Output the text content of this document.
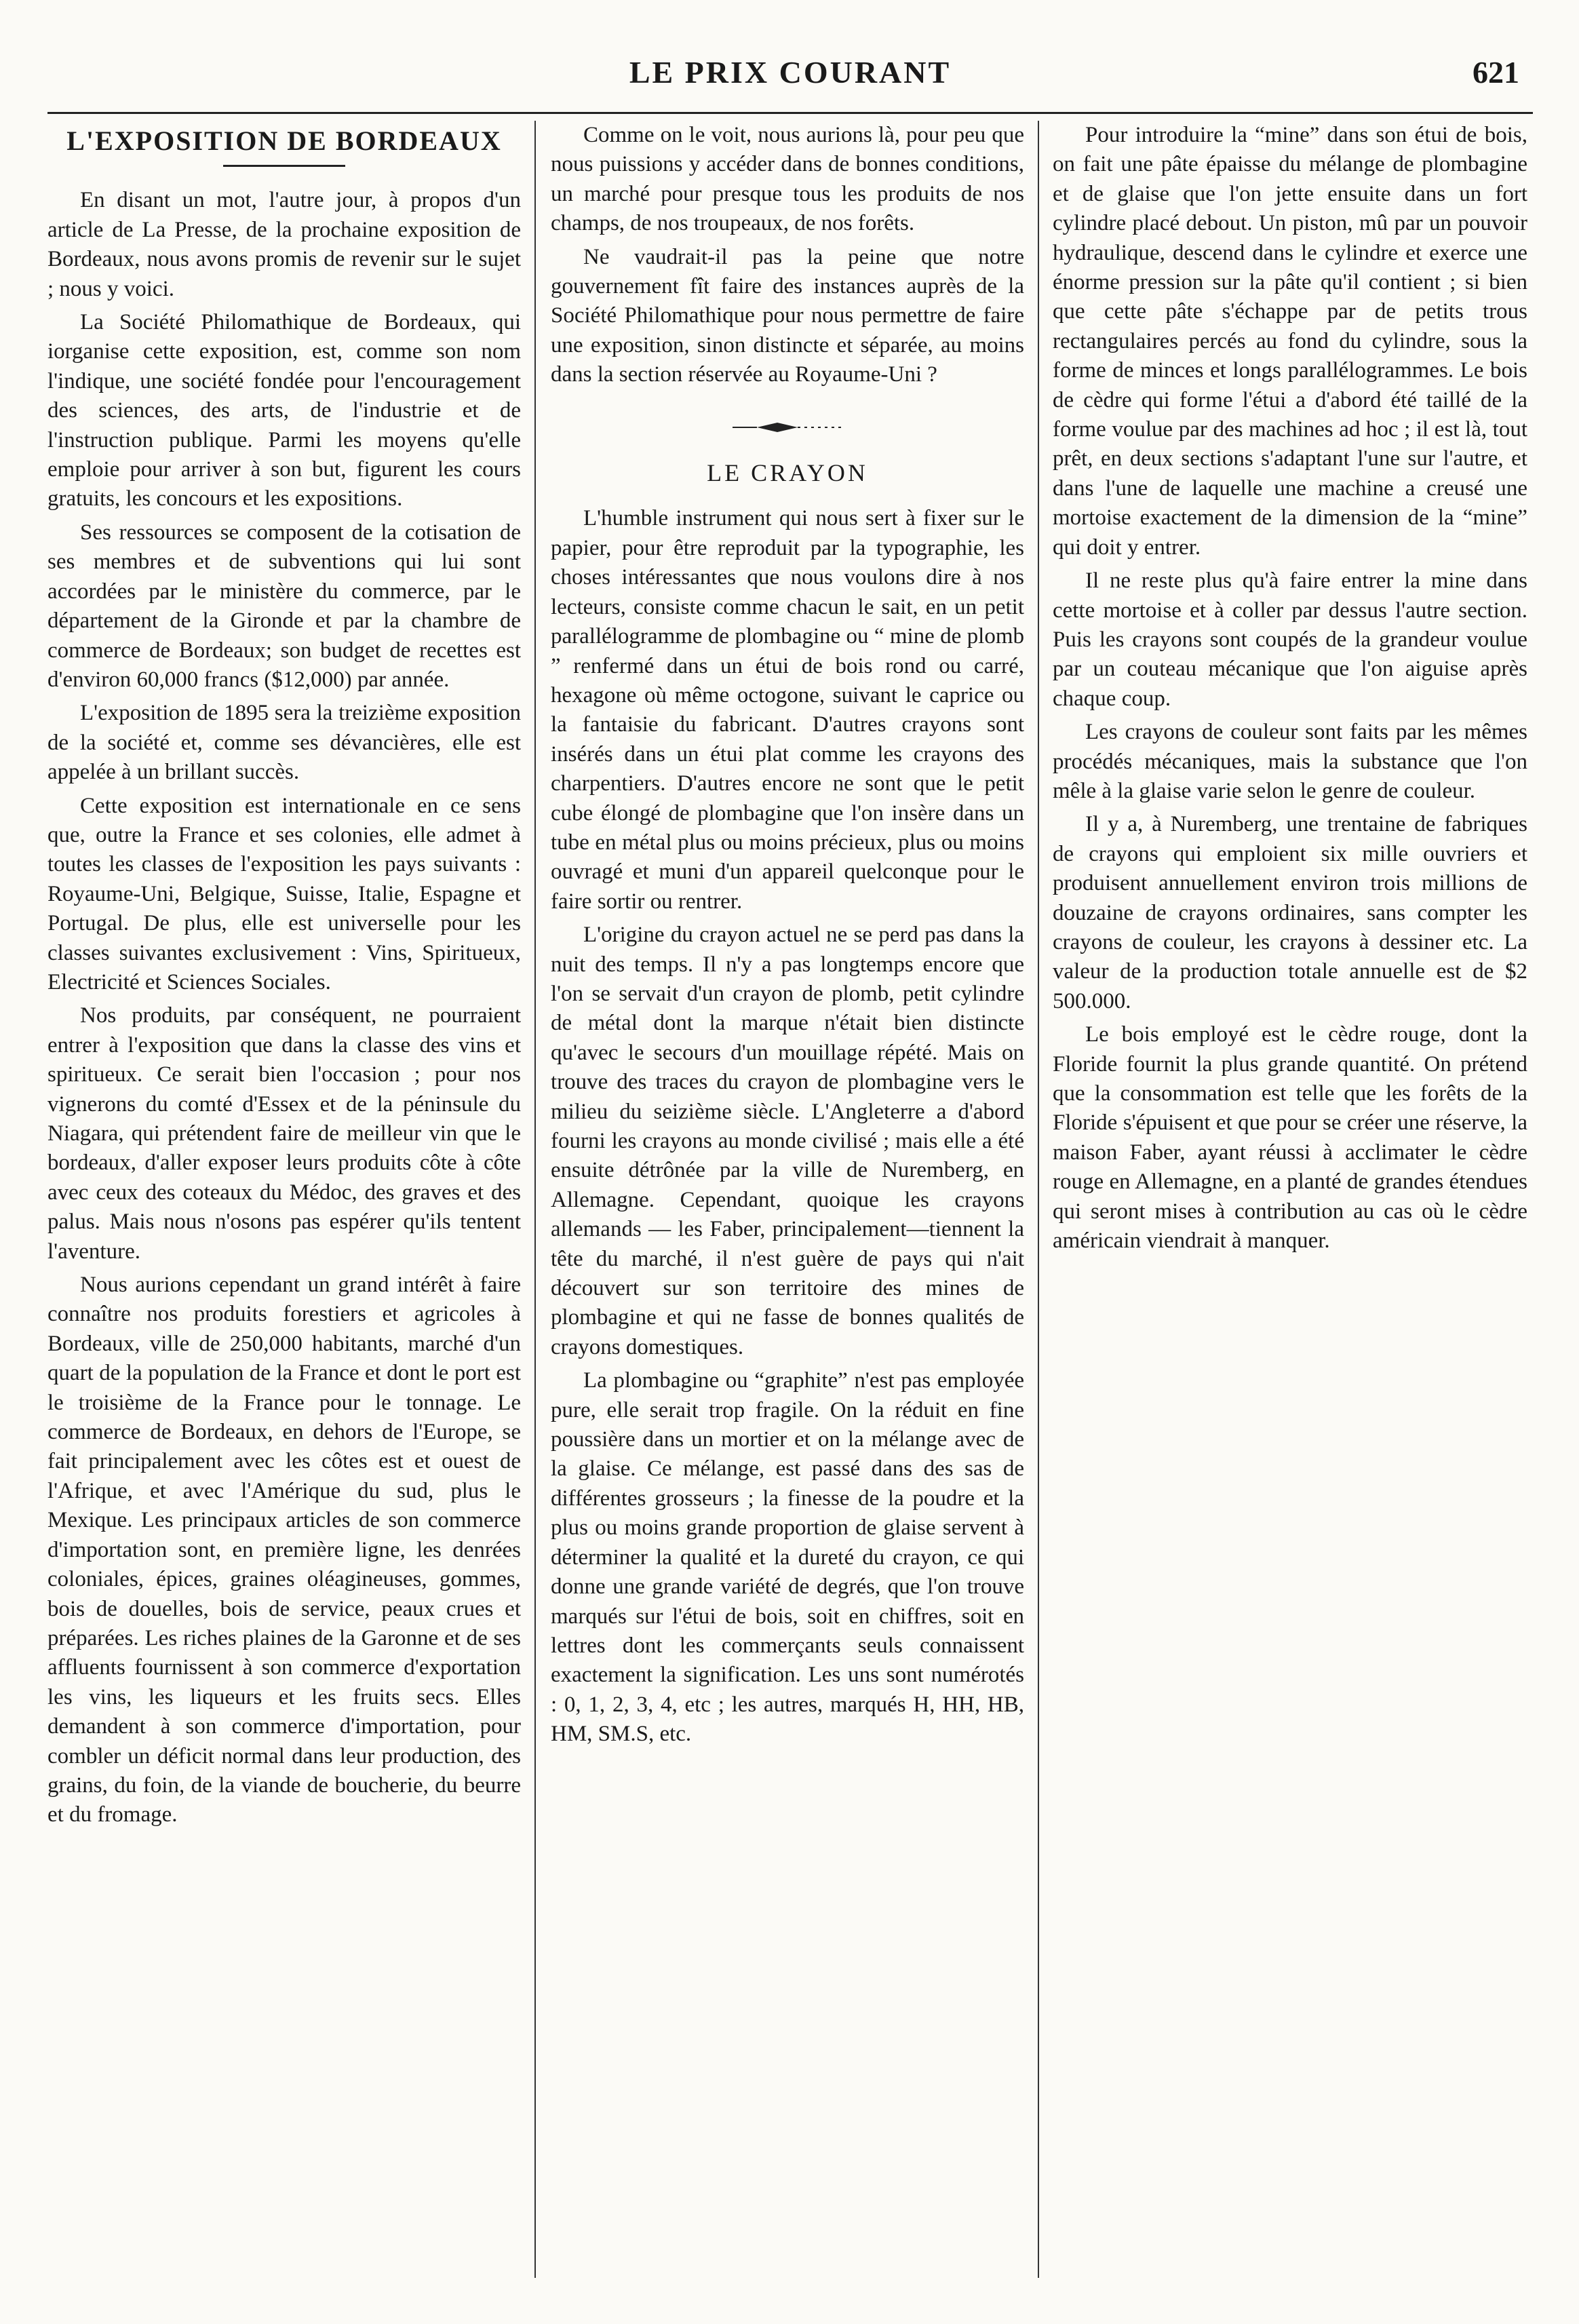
LE PRIX COURANT	621
L'EXPOSITION DE BORDEAUX

En disant un mot, l'autre jour, à propos d'un article de La Presse, de la prochaine exposition de Bordeaux, nous avons promis de revenir sur le sujet ; nous y voici.

La Société Philomathique de Bordeaux, qui iorganise cette exposition, est, comme son nom l'indique, une société fondée pour l'encouragement des sciences, des arts, de l'industrie et de l'instruction publique. Parmi les moyens qu'elle emploie pour arriver à son but, figurent les cours gratuits, les concours et les expositions.

Ses ressources se composent de la cotisation de ses membres et de subventions qui lui sont accordées par le ministère du commerce, par le département de la Gironde et par la chambre de commerce de Bordeaux; son budget de recettes est d'environ 60,000 francs ($12,000) par année.

L'exposition de 1895 sera la treizième exposition de la société et, comme ses dévancières, elle est appelée à un brillant succès.

Cette exposition est internationale en ce sens que, outre la France et ses colonies, elle admet à toutes les classes de l'exposition les pays suivants : Royaume-Uni, Belgique, Suisse, Italie, Espagne et Portugal. De plus, elle est universelle pour les classes suivantes exclusivement : Vins, Spiritueux, Electricité et Sciences Sociales.

Nos produits, par conséquent, ne pourraient entrer à l'exposition que dans la classe des vins et spiritueux. Ce serait bien l'occasion ; pour nos vignerons du comté d'Essex et de la péninsule du Niagara, qui prétendent faire de meilleur vin que le bordeaux, d'aller exposer leurs produits côte à côte avec ceux des coteaux du Médoc, des graves et des palus. Mais nous n'osons pas espérer qu'ils tentent l'aventure.

Nous aurions cependant un grand intérêt à faire connaître nos produits forestiers et agricoles à Bordeaux, ville de 250,000 habitants, marché d'un quart de la population de la France et dont le port est le troisième de la France pour le tonnage. Le commerce de Bordeaux, en dehors de l'Europe, se fait principalement avec les côtes est et ouest de l'Afrique, et avec l'Amérique du sud, plus le Mexique. Les principaux articles de son commerce d'importation sont, en première ligne, les denrées coloniales, épices, graines oléagineuses, gommes, bois de douelles, bois de service, peaux crues et préparées. Les riches plaines de la Garonne et de ses affluents fournissent à son commerce d'exportation les vins, les liqueurs et les fruits secs. Elles demandent à son commerce d'importation, pour combler un déficit normal dans leur production, des grains, du foin, de la viande de boucherie, du beurre et du fromage.

Comme on le voit, nous aurions là, pour peu que nous puissions y accéder dans de bonnes conditions, un marché pour presque tous les produits de nos champs, de nos troupeaux, de nos forêts.

Ne vaudrait-il pas la peine que notre gouvernement fît faire des instances auprès de la Société Philomathique pour nous permettre de faire une exposition, sinon distincte et séparée, au moins dans la section réservée au Royaume-Uni ?

LE CRAYON

L'humble instrument qui nous sert à fixer sur le papier, pour être reproduit par la typographie, les choses intéressantes que nous voulons dire à nos lecteurs, consiste comme chacun le sait, en un petit parallélogramme de plombagine ou “ mine de plomb ” renfermé dans un étui de bois rond ou carré, hexagone où même octogone, suivant le caprice ou la fantaisie du fabricant. D'autres crayons sont insérés dans un étui plat comme les crayons des charpentiers. D'autres encore ne sont que le petit cube élongé de plombagine que l'on insère dans un tube en métal plus ou moins précieux, plus ou moins ouvragé et muni d'un appareil quelconque pour le faire sortir ou rentrer.

L'origine du crayon actuel ne se perd pas dans la nuit des temps. Il n'y a pas longtemps encore que l'on se servait d'un crayon de plomb, petit cylindre de métal dont la marque n'était bien distincte qu'avec le secours d'un mouillage répété. Mais on trouve des traces du crayon de plombagine vers le milieu du seizième siècle. L'Angleterre a d'abord fourni les crayons au monde civilisé ; mais elle a été ensuite détrônée par la ville de Nuremberg, en Allemagne. Cependant, quoique les crayons allemands — les Faber, principalement—tiennent la tête du marché, il n'est guère de pays qui n'ait découvert sur son territoire des mines de plombagine et qui ne fasse de bonnes qualités de crayons domestiques.

La plombagine ou “graphite” n'est pas employée pure, elle serait trop fragile. On la réduit en fine poussière dans un mortier et on la mélange avec de la glaise. Ce mélange, est passé dans des sas de différentes grosseurs ; la finesse de la poudre et la plus ou moins grande proportion de glaise servent à déterminer la qualité et la dureté du crayon, ce qui donne une grande variété de degrés, que l'on trouve marqués sur l'étui de bois, soit en chiffres, soit en lettres dont les commerçants seuls connaissent exactement la signification. Les uns sont numérotés : 0, 1, 2, 3, 4, etc ; les autres, marqués H, HH, HB, HM, SM.S, etc.

Pour introduire la “mine” dans son étui de bois, on fait une pâte épaisse du mélange de plombagine et de glaise que l'on jette ensuite dans un fort cylindre placé debout. Un piston, mû par un pouvoir hydraulique, descend dans le cylindre et exerce une énorme pression sur la pâte qu'il contient ; si bien que cette pâte s'échappe par de petits trous rectangulaires percés au fond du cylindre, sous la forme de minces et longs parallélogrammes. Le bois de cèdre qui forme l'étui a d'abord été taillé de la forme voulue par des machines ad hoc ; il est là, tout prêt, en deux sections s'adaptant l'une sur l'autre, et dans l'une de laquelle une machine a creusé une mortoise exactement de la dimension de la “mine” qui doit y entrer.

Il ne reste plus qu'à faire entrer la mine dans cette mortoise et à coller par dessus l'autre section. Puis les crayons sont coupés de la grandeur voulue par un couteau mécanique que l'on aiguise après chaque coup.

Les crayons de couleur sont faits par les mêmes procédés mécaniques, mais la substance que l'on mêle à la glaise varie selon le genre de couleur.

Il y a, à Nuremberg, une trentaine de fabriques de crayons qui emploient six mille ouvriers et produisent annuellement environ trois millions de douzaine de crayons ordinaires, sans compter les crayons de couleur, les crayons à dessiner etc. La valeur de la production totale annuelle est de $2 500.000.

Le bois employé est le cèdre rouge, dont la Floride fournit la plus grande quantité. On prétend que la consommation est telle que les forêts de la Floride s'épuisent et que pour se créer une réserve, la maison Faber, ayant réussi à acclimater le cèdre rouge en Allemagne, en a planté de grandes étendues qui seront mises à contribution au cas où le cèdre américain viendrait à manquer.
